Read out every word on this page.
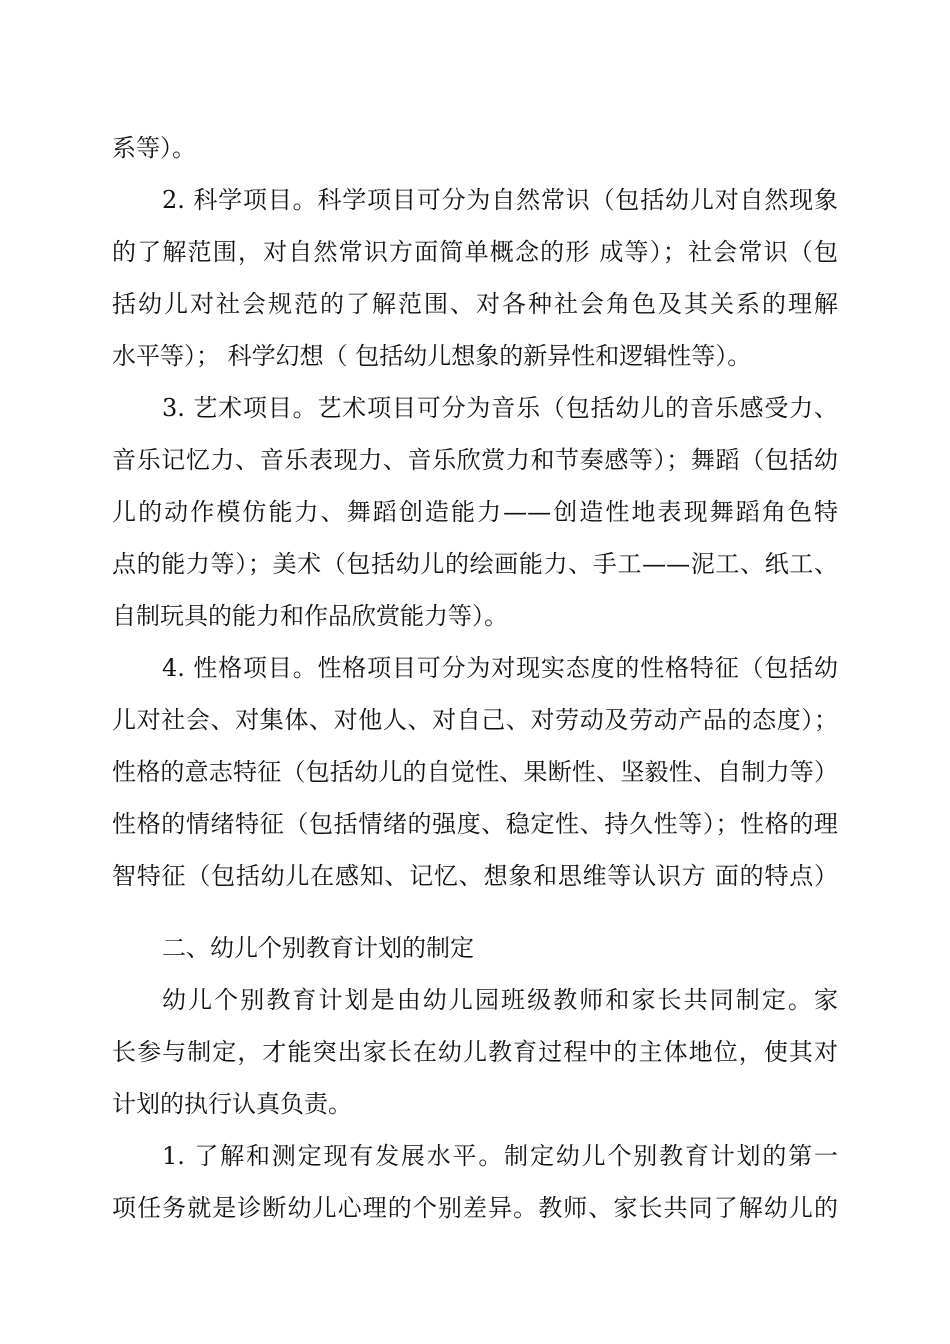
系等）。
2. 科学项目。科学项目可分为自然常识（包括幼儿对自然现象
的了解范围，对自然常识方面简单概念的形 成等）；社会常识（包
括幼儿对社会规范的了解范围、对各种社会角色及其关系的理解
水平等）； 科学幻想（ 包括幼儿想象的新异性和逻辑性等）。
3. 艺术项目。艺术项目可分为音乐（包括幼儿的音乐感受力、
音乐记忆力、音乐表现力、音乐欣赏力和节奏感等）；舞蹈（包括幼
儿的动作模仿能力、舞蹈创造能力——创造性地表现舞蹈角色特
点的能力等）；美术（包括幼儿的绘画能力、手工——泥工、纸工、
自制玩具的能力和作品欣赏能力等）。
4. 性格项目。性格项目可分为对现实态度的性格特征（包括幼
儿对社会、对集体、对他人、对自己、对劳动及劳动产品的态度）；
性格的意志特征（包括幼儿的自觉性、果断性、坚毅性、自制力等）
性格的情绪特征（包括情绪的强度、稳定性、持久性等）；性格的理
智特征（包括幼儿在感知、记忆、想象和思维等认识方 面的特点）
二、幼儿个别教育计划的制定
幼儿个别教育计划是由幼儿园班级教师和家长共同制定。家
长参与制定，才能突出家长在幼儿教育过程中的主体地位，使其对
计划的执行认真负责。
1. 了解和测定现有发展水平。制定幼儿个别教育计划的第一
项任务就是诊断幼儿心理的个别差异。教师、家长共同了解幼儿的
